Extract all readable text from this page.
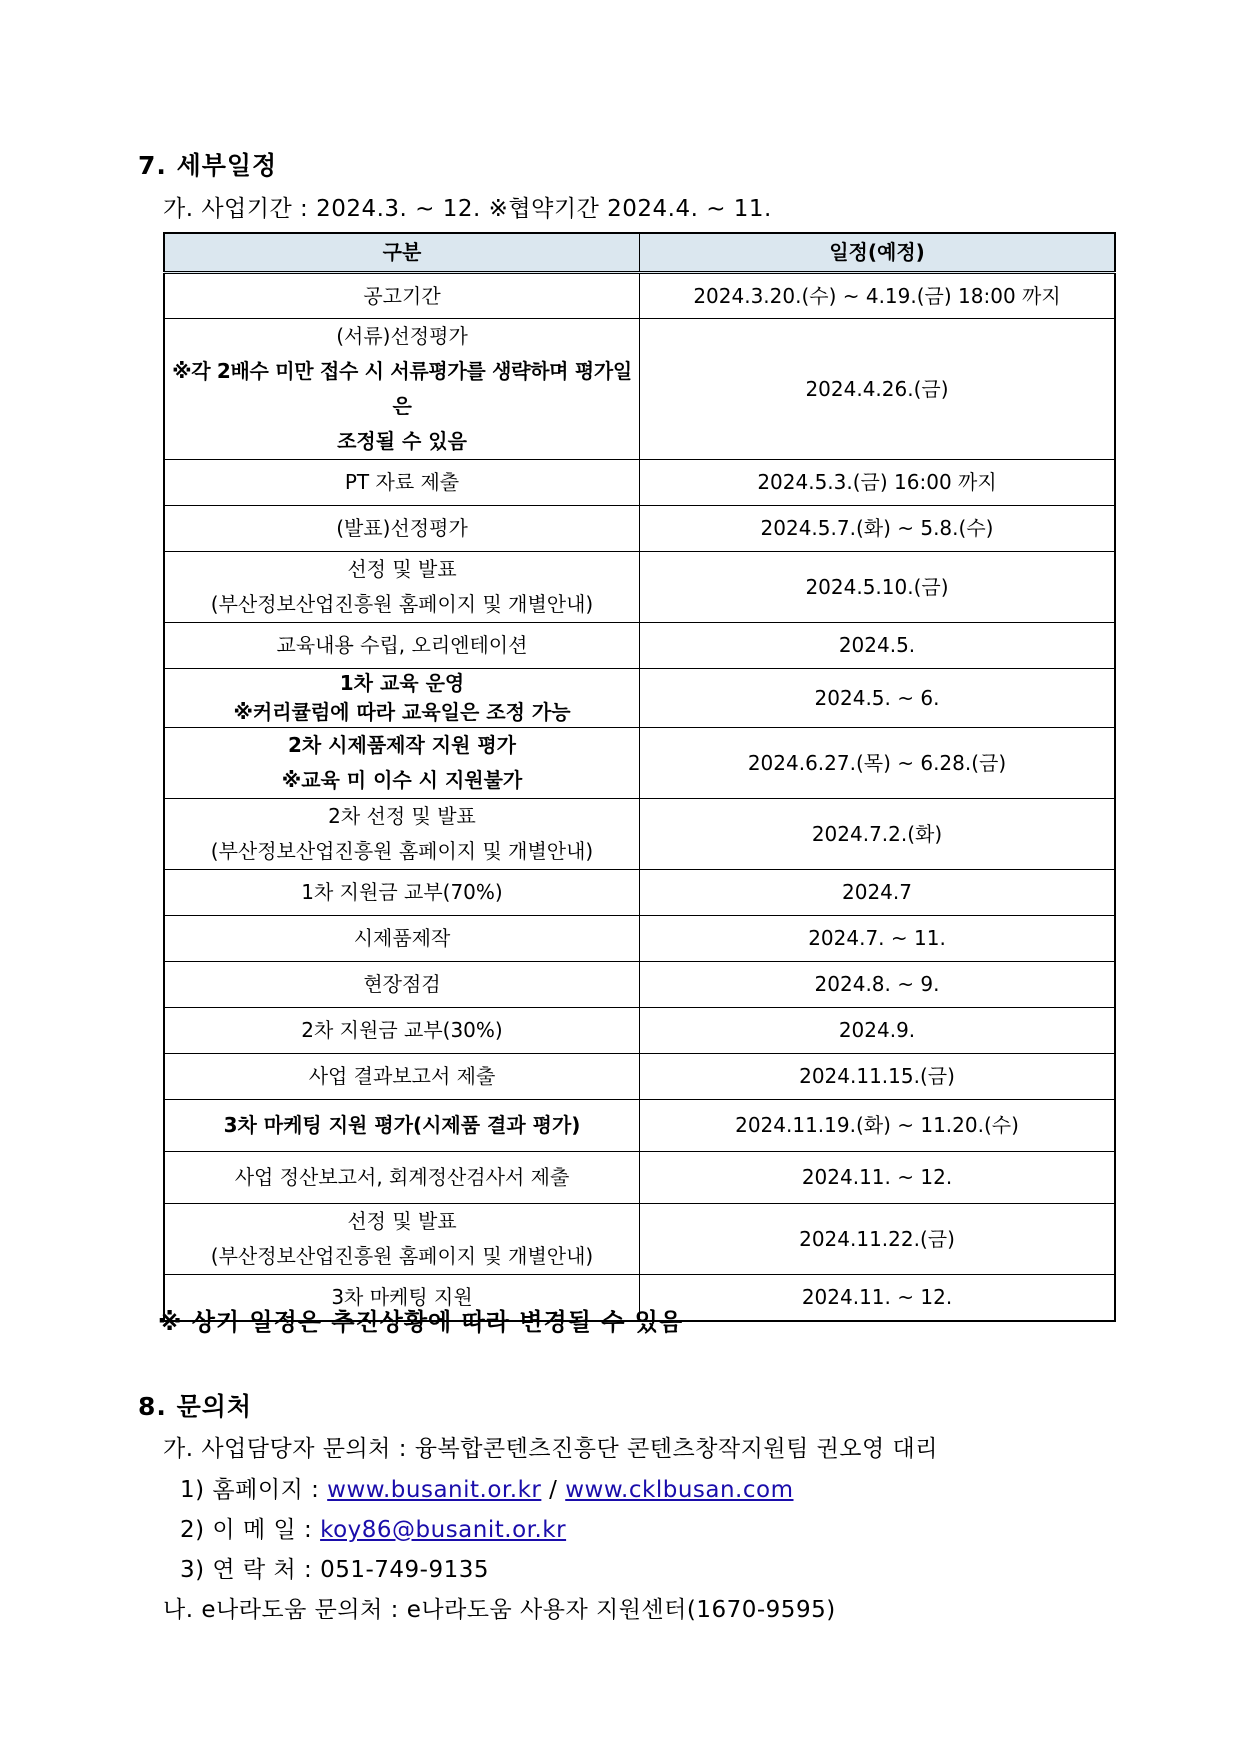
7. 세부일정
가. 사업기간 : 2024.3. ~ 12. ※협약기간 2024.4. ~ 11.
구분	일정(예정)

공고기간	2024.3.20.(수) ~ 4.19.(금) 18:00 까지

(서류)선정평가
※각 2배수 미만 접수 시 서류평가를 생략하며 평가일은
조정될 수 있음	2024.4.26.(금)

PT 자료 제출	2024.5.3.(금) 16:00 까지

(발표)선정평가	2024.5.7.(화) ~ 5.8.(수)

선정 및 발표
(부산정보산업진흥원 홈페이지 및 개별안내)	2024.5.10.(금)

교육내용 수립, 오리엔테이션	2024.5.

1차 교육 운영
※커리큘럼에 따라 교육일은 조정 가능	2024.5. ~ 6.

2차 시제품제작 지원 평가
※교육 미 이수 시 지원불가	2024.6.27.(목) ~ 6.28.(금)

2차 선정 및 발표
(부산정보산업진흥원 홈페이지 및 개별안내)	2024.7.2.(화)

1차 지원금 교부(70%)	2024.7

시제품제작	2024.7. ~ 11.

현장점검	2024.8. ~ 9.

2차 지원금 교부(30%)	2024.9.

사업 결과보고서 제출	2024.11.15.(금)

3차 마케팅 지원 평가(시제품 결과 평가)	2024.11.19.(화) ~ 11.20.(수)

사업 정산보고서, 회계정산검사서 제출	2024.11. ~ 12.

선정 및 발표
(부산정보산업진흥원 홈페이지 및 개별안내)	2024.11.22.(금)

3차 마케팅 지원	2024.11. ~ 12.
※ 상기 일정은 추진상황에 따라 변경될 수 있음
8. 문의처
가. 사업담당자 문의처 : 융복합콘텐츠진흥단 콘텐츠창작지원팀 권오영 대리
1) 홈페이지 : www.busanit.or.kr / www.cklbusan.com
2) 이 메 일 : koy86@busanit.or.kr
3) 연 락 처 : 051-749-9135
나. e나라도움 문의처 : e나라도움 사용자 지원센터(1670-9595)
